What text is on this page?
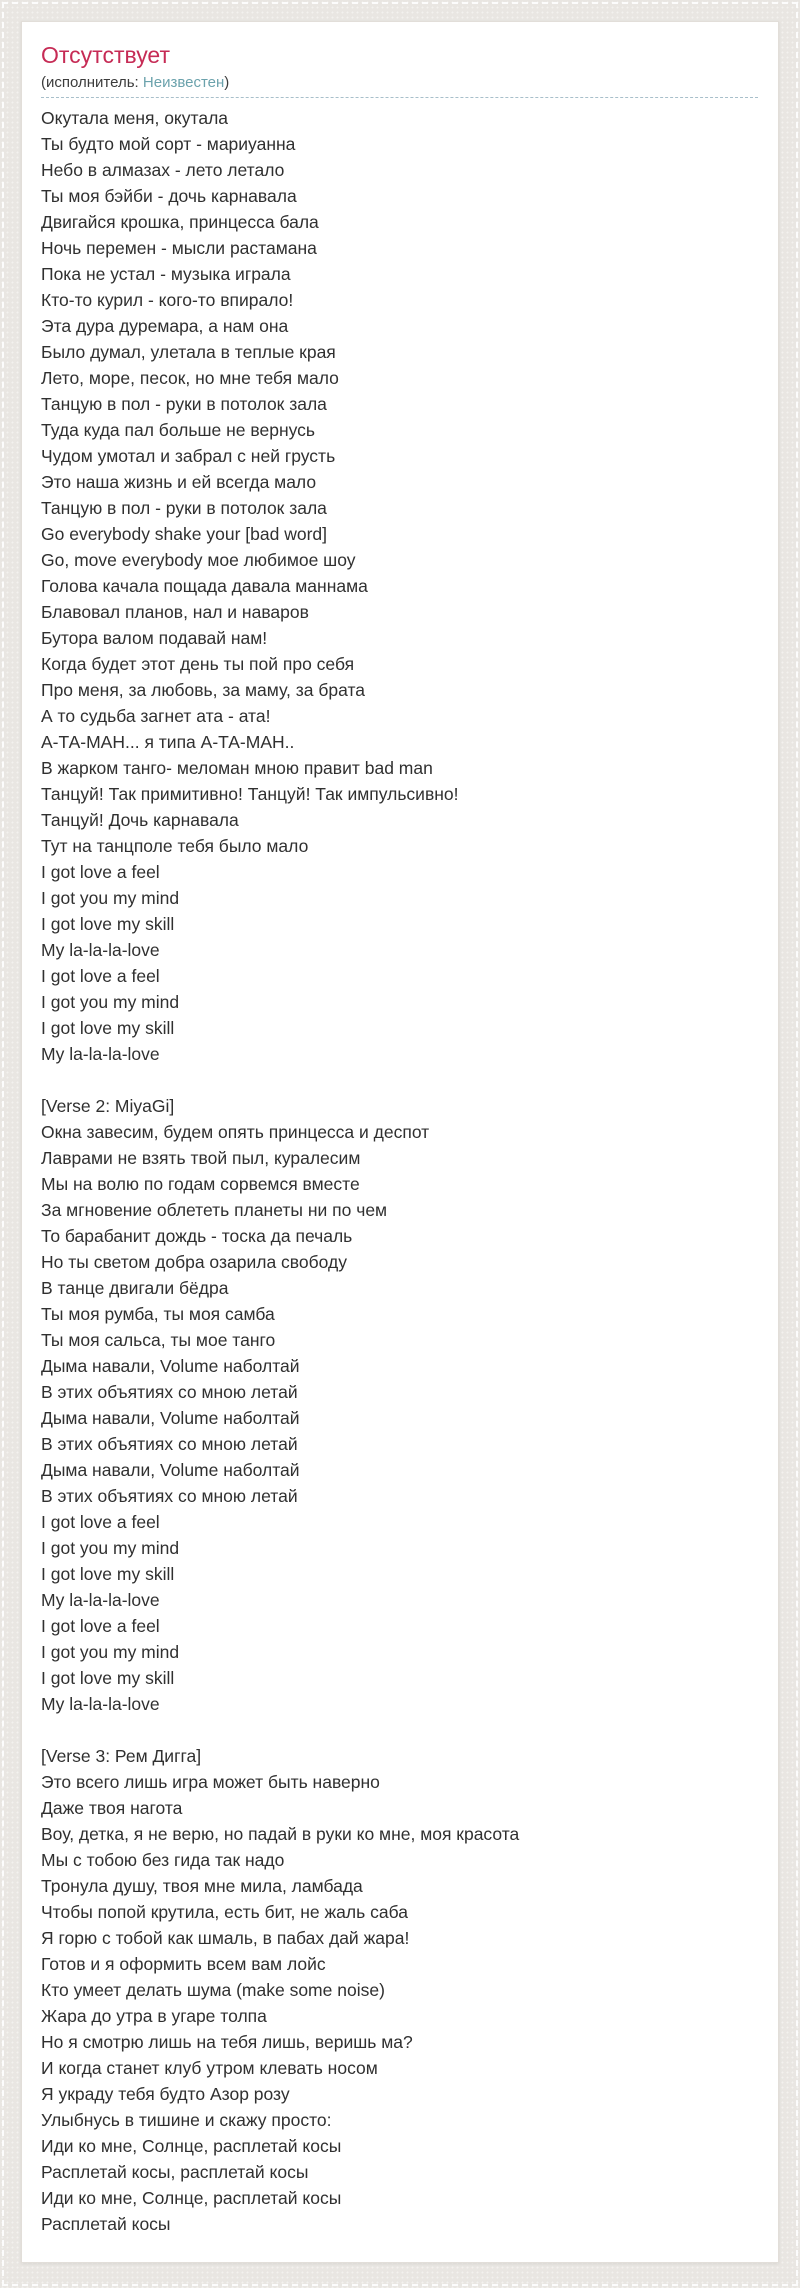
Отсутствует
(исполнитель: Неизвестен)
Окутала меня, окутала
Ты будто мой сорт - мариуанна
Небо в алмазах - лето летало
Ты моя бэйби - дочь карнавала
Двигайся крошка, принцесса бала
Ночь перемен - мысли растамана
Пока не устал - музыка играла
Кто-то курил - кого-то впирало!
Эта дура дуремара, а нам она
Было думал, улетала в теплые края
Лето, море, песок, но мне тебя мало
Танцую в пол - руки в потолок зала
Туда куда пал больше не вернусь
Чудом умотал и забрал с ней грусть
Это наша жизнь и ей всегда мало
Танцую в пол - руки в потолок зала
Go everybody shake your [bad word]
Go, move everybody мое любимое шоу
Голова качала пощада давала маннама
Блавовал планов, нал и наваров
Бутора валом подавай нам!
Когда будет этот день ты пой про себя
Про меня, за любовь, за маму, за брата
А то судьба загнет ата - ата!
А-ТА-МАН... я типа А-ТА-МАН..
В жарком танго- меломан мною правит bad man
Танцуй! Так примитивно! Танцуй! Так импульсивно!
Танцуй! Дочь карнавала
Тут на танцполе тебя было мало
I got love a feel
I got you my mind
I got love my skill
My la-la-la-love
I got love a feel
I got you my mind
I got love my skill
My la-la-la-love

[Verse 2: MiyaGi]
Окна завесим, будем опять принцесса и деспот
Лаврами не взять твой пыл, куралесим
Мы на волю по годам сорвемся вместе
За мгновение облететь планеты ни по чем
То барабанит дождь - тоска да печаль
Но ты светом добра озарила свободу
В танце двигали бёдра
Ты моя румба, ты моя самба
Ты моя сальса, ты мое танго
Дыма навали, Volume наболтай
В этих объятиях со мною летай
Дыма навали, Volume наболтай
В этих объятиях со мною летай
Дыма навали, Volume наболтай
В этих объятиях со мною летай
I got love a feel
I got you my mind
I got love my skill
My la-la-la-love
I got love a feel
I got you my mind
I got love my skill
My la-la-la-love

[Verse 3: Рем Дигга]
Это всего лишь игра может быть наверно
Даже твоя нагота
Воу, детка, я не верю, но падай в руки ко мне, моя красота
Мы с тобою без гида так надо
Тронула душу, твоя мне мила, ламбада
Чтобы попой крутила, есть бит, не жаль саба
Я горю с тобой как шмаль, в пабах дай жара!
Готов и я оформить всем вам лойс
Кто умеет делать шума (make some noise)
Жара до утра в угаре толпа
Но я смотрю лишь на тебя лишь, веришь ма?
И когда станет клуб утром клевать носом
Я украду тебя будто Азор розу
Улыбнусь в тишине и скажу просто:
Иди ко мне, Солнце, расплетай косы
Расплетай косы, расплетай косы
Иди ко мне, Солнце, расплетай косы
Расплетай косы
